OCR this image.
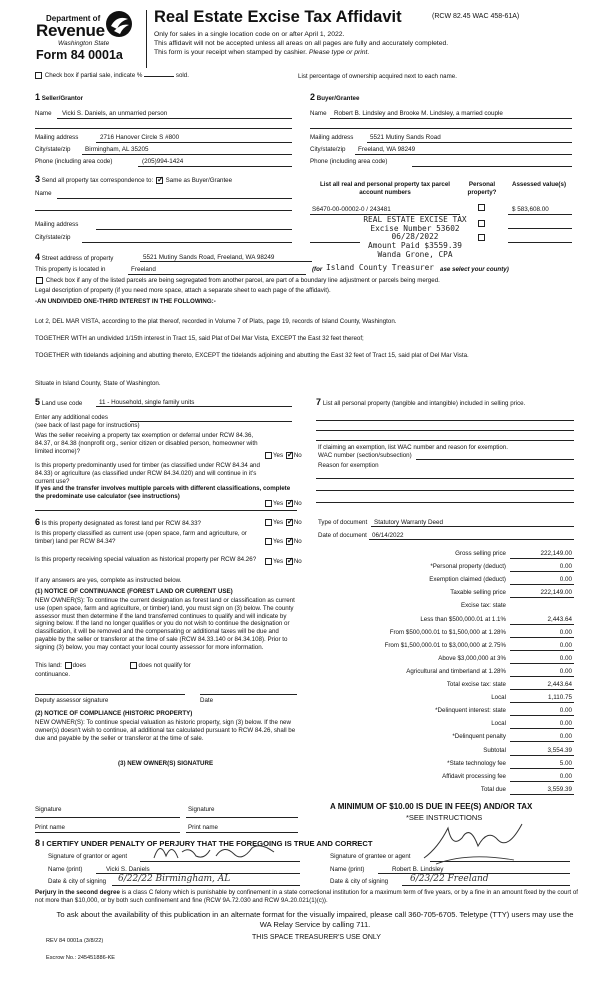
Department of
Revenue
Washington State
Form 84 0001a
Real Estate Excise Tax Affidavit	(RCW 82.45 WAC 458-61A)
Only for sales in a single location code on or after April 1, 2022.
This affidavit will not be accepted unless all areas on all pages are fully and accurately completed.
This form is your receipt when stamped by cashier. Please type or print.
Check box if partial sale, indicate %	sold.	List percentage of ownership acquired next to each name.
1 Seller/Grantor
Name Vicki S. Daniels, an unmarried person
Mailing address	2716 Hanover Circle S #800
City/state/zip Birmingham, AL 35205
Phone (including area code)	(205)994-1424
2 Buyer/Grantee
Name Robert B. Lindsley and Brooke M. Lindsley, a married couple
Mailing address	5521 Mutiny Sands Road
City/state/zip Freeland, WA 98249
Phone (including area code)
3 Send all property tax correspondence to: ✓ Same as Buyer/Grantee
Name
Mailing address
City/state/zip
List all real and personal property tax parcel account numbers
Personal property?
Assessed value(s)
S6470-00-00002-0 / 243481	$ 583,608.00
REAL ESTATE EXCISE TAX
Excise Number 53602
06/28/2022
Amount Paid $3559.39
Wanda Grone, CPA
4 Street address of property	5521 Mutiny Sands Road, Freeland, WA 98249
This property is located in	Freeland	(for Island County Treasurer ase select your county)
Check box if any of the listed parcels are being segregated from another parcel, are part of a boundary line adjustment or parcels being merged.
Legal description of property (if you need more space, attach a separate sheet to each page of the affidavit).
-AN UNDIVIDED ONE-THIRD INTEREST IN THE FOLLOWING:-
Lot 2, DEL MAR VISTA, according to the plat thereof, recorded in Volume 7 of Plats, page 19, records of Island County, Washington.
TOGETHER WITH an undivided 1/15th interest in Tract 15, said Plat of Del Mar Vista, EXCEPT the East 32 feet thereof;
TOGETHER with tidelands adjoining and abutting thereto, EXCEPT the tidelands adjoining and abutting the East 32 feet of Tract 15, said plat of Del Mar Vista.
Situate in Island County, State of Washington.
5 Land use code	11 - Household, single family units
Enter any additional codes
(see back of last page for instructions)
Was the seller receiving a property tax exemption or deferral under RCW 84.36, 84.37, or 84.38 (nonprofit org., senior citizen or disabled person, homeowner with limited income)?
Yes ✓ No
Is this property predominantly used for timber (as classified under RCW 84.34 and 84.33) or agriculture (as classified under RCW 84.34.020) and will continue in it's current use?
If yes and the transfer involves multiple parcels with different classifications, complete the predominate use calculator (see instructions)
Yes ✓ No
6 Is this property designated as forest land per RCW 84.33?	Yes ✓ No
Is this property classified as current use (open space, farm and agriculture, or timber) land per RCW 84.34?	Yes ✓ No
Is this property receiving special valuation as historical property per RCW 84.26?	Yes ✓ No
If any answers are yes, complete as instructed below.
(1) NOTICE OF CONTINUANCE (FOREST LAND OR CURRENT USE)
NEW OWNER(S): To continue the current designation as forest land or classification as current use (open space, farm and agriculture, or timber) land, you must sign on (3) below. The county assessor must then determine if the land transferred continues to qualify and will indicate by signing below. If the land no longer qualifies or you do not wish to continue the designation or classification, it will be removed and the compensating or additional taxes will be due and payable by the seller or transferor at the time of sale (RCW 84.33.140 or 84.34.108). Prior to signing (3) below, you may contact your local county assessor for more information.
This land: does	does not qualify for
continuance.
Deputy assessor signature	Date
(2) NOTICE OF COMPLIANCE (HISTORIC PROPERTY)
NEW OWNER(S): To continue special valuation as historic property, sign (3) below. If the new owner(s) doesn't wish to continue, all additional tax calculated pursuant to RCW 84.26, shall be due and payable by the seller or transferor at the time of sale.
(3) NEW OWNER(S) SIGNATURE
Signature	Signature
Print name	Print name
7 List all personal property (tangible and intangible) included in selling price.
If claiming an exemption, list WAC number and reason for exemption.
WAC number (section/subsection)
Reason for exemption
Type of document Statutory Warranty Deed
Date of document 06/14/2022
Gross selling price	222,149.00
*Personal property (deduct)	0.00
Exemption claimed (deduct)	0.00
Taxable selling price	222,149.00
Excise tax: state
Less than $500,000.01 at 1.1%	2,443.64
From $500,000.01 to $1,500,000 at 1.28%	0.00
From $1,500,000.01 to $3,000,000 at 2.75%	0.00
Above $3,000,000 at 3%	0.00
Agricultural and timberland at 1.28%	0.00
Total excise tax: state	2,443.64
Local	1,110.75
*Delinquent interest: state	0.00
Local	0.00
*Delinquent penalty	0.00
Subtotal	3,554.39
*State technology fee	5.00
Affidavit processing fee	0.00
Total due	3,559.39
A MINIMUM OF $10.00 IS DUE IN FEE(S) AND/OR TAX
*SEE INSTRUCTIONS
8 I CERTIFY UNDER PENALTY OF PERJURY THAT THE FOREGOING IS TRUE AND CORRECT
Signature of grantor or agent
Name (print)	Vicki S. Daniels
Date & city of signing 6/22/22 Birmingham, AL
Signature of grantee or agent
Name (print)	Robert B. Lindsley
Date & city of signing 6/23/22 Freeland
Perjury in the second degree is a class C felony which is punishable by confinement in a state correctional institution for a maximum term of five years, or by a fine in an amount fixed by the court of not more than $10,000, or by both such confinement and fine (RCW 9A.72.030 and RCW 9A.20.021(1)(c)).
To ask about the availability of this publication in an alternate format for the visually impaired, please call 360-705-6705. Teletype (TTY) users may use the WA Relay Service by calling 711.
REV 84 0001a (3/8/22)	THIS SPACE TREASURER'S USE ONLY
Escrow No.: 245451886-KE
